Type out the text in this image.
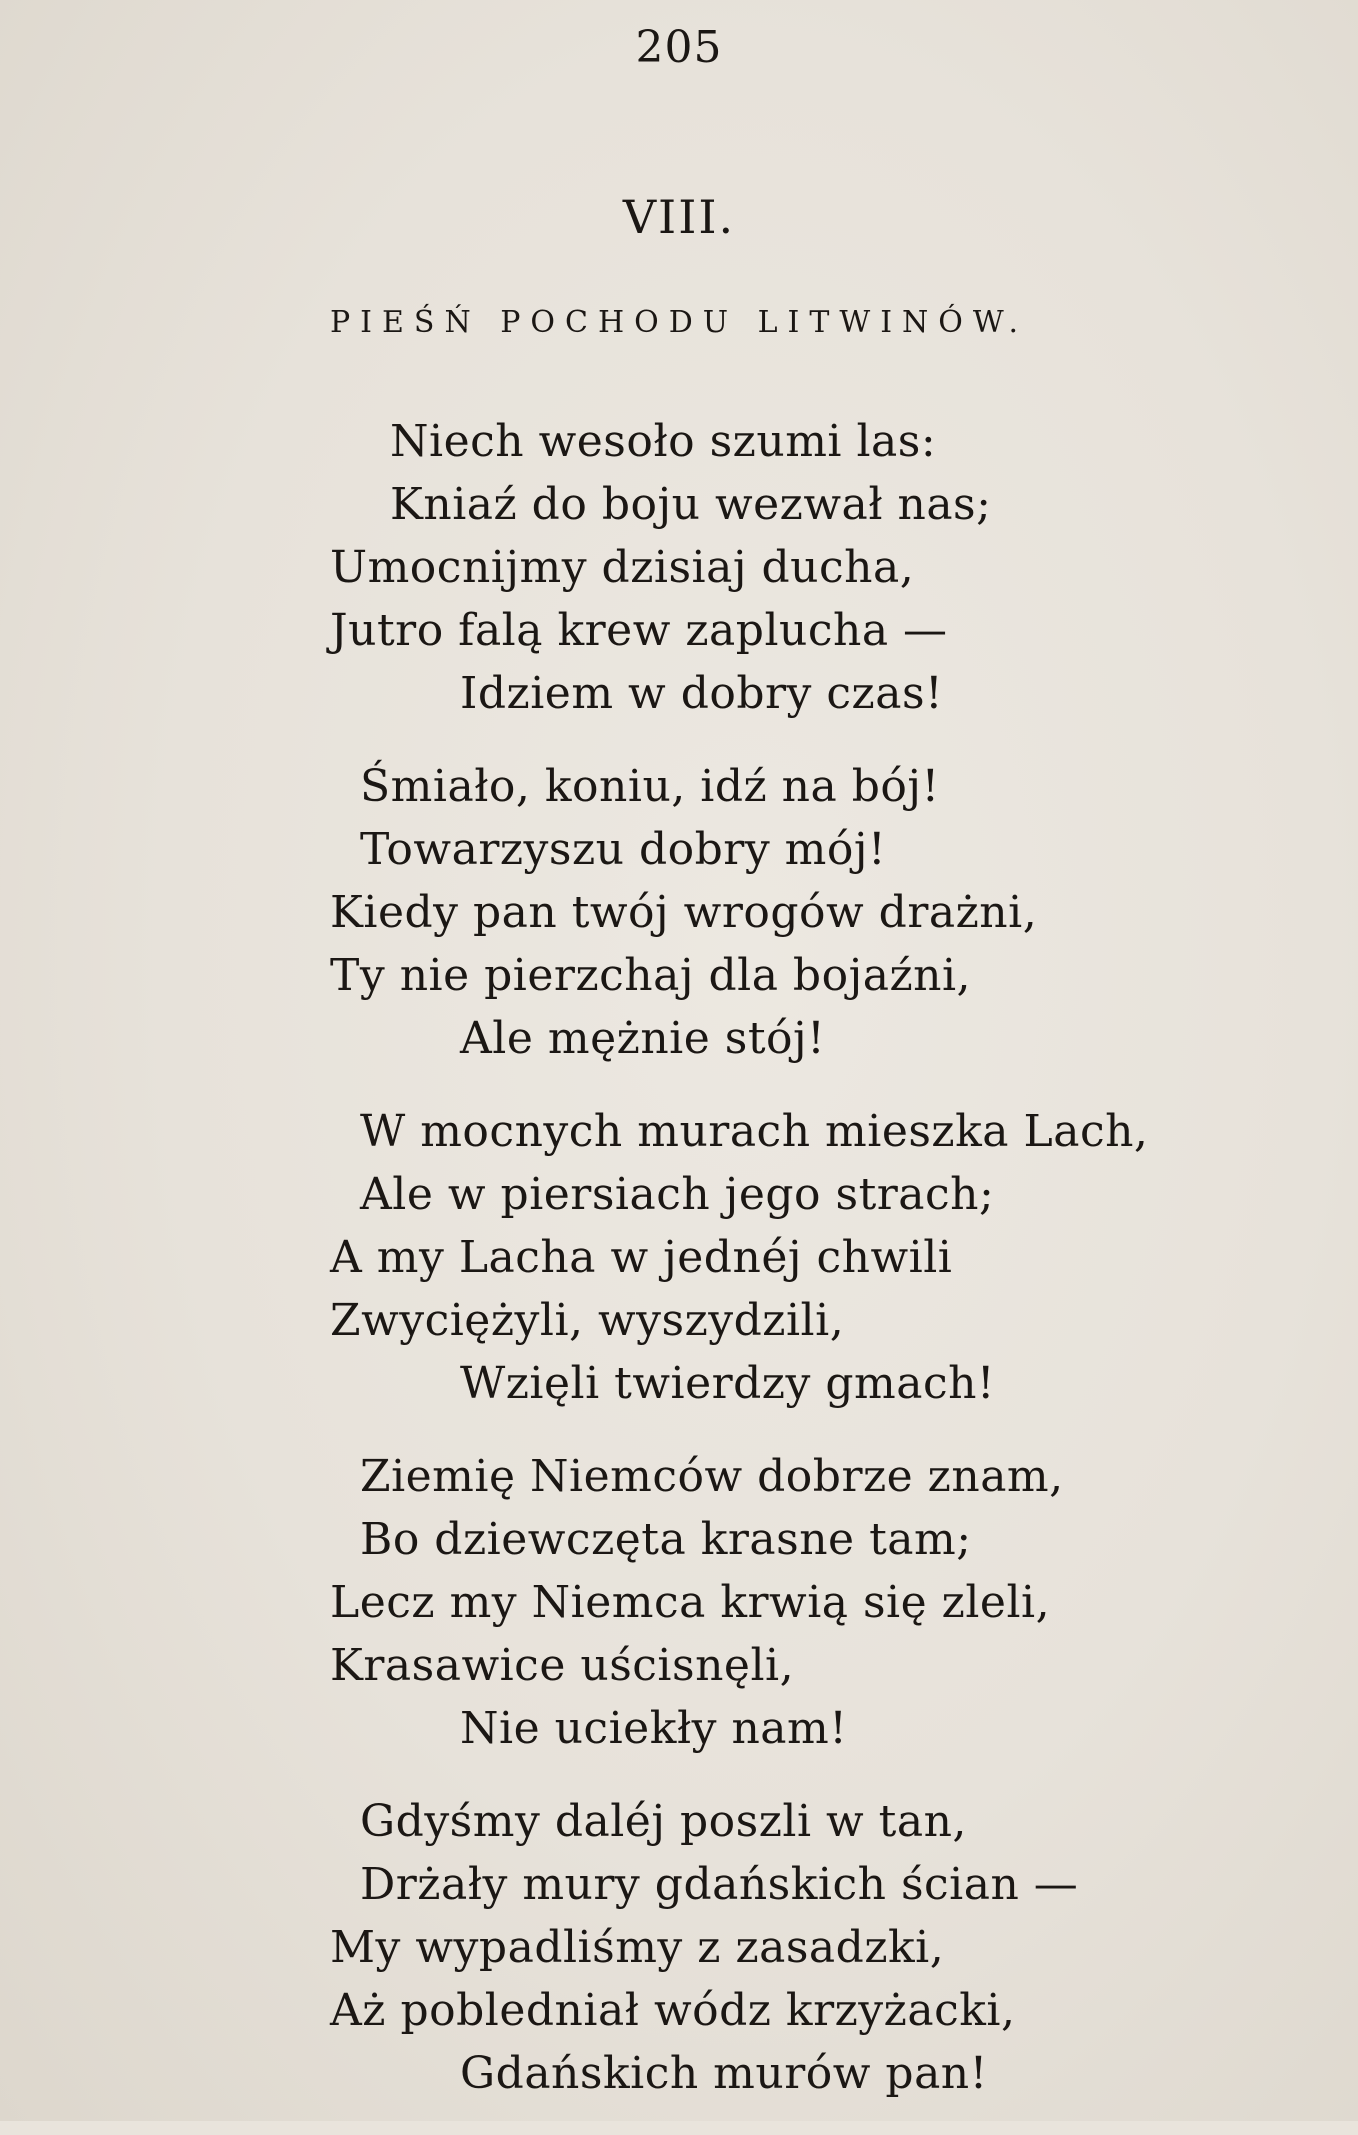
205
VIII.
PIEŚŃ POCHODU LITWINÓW.
Niech wesoło szumi las:
Kniaź do boju wezwał nas;
Umocnijmy dzisiaj ducha,
Jutro falą krew zaplucha —
Idziem w dobry czas!
Śmiało, koniu, idź na bój!
Towarzyszu dobry mój!
Kiedy pan twój wrogów drażni,
Ty nie pierzchaj dla bojaźni,
Ale mężnie stój!
W mocnych murach mieszka Lach,
Ale w piersiach jego strach;
A my Lacha w jednéj chwili
Zwyciężyli, wyszydzili,
Wzięli twierdzy gmach!
Ziemię Niemców dobrze znam,
Bo dziewczęta krasne tam;
Lecz my Niemca krwią się zleli,
Krasawice uścisnęli,
Nie uciekły nam!
Gdyśmy daléj poszli w tan,
Drżały mury gdańskich ścian —
My wypadliśmy z zasadzki,
Aż pobledniał wódz krzyżacki,
Gdańskich murów pan!
